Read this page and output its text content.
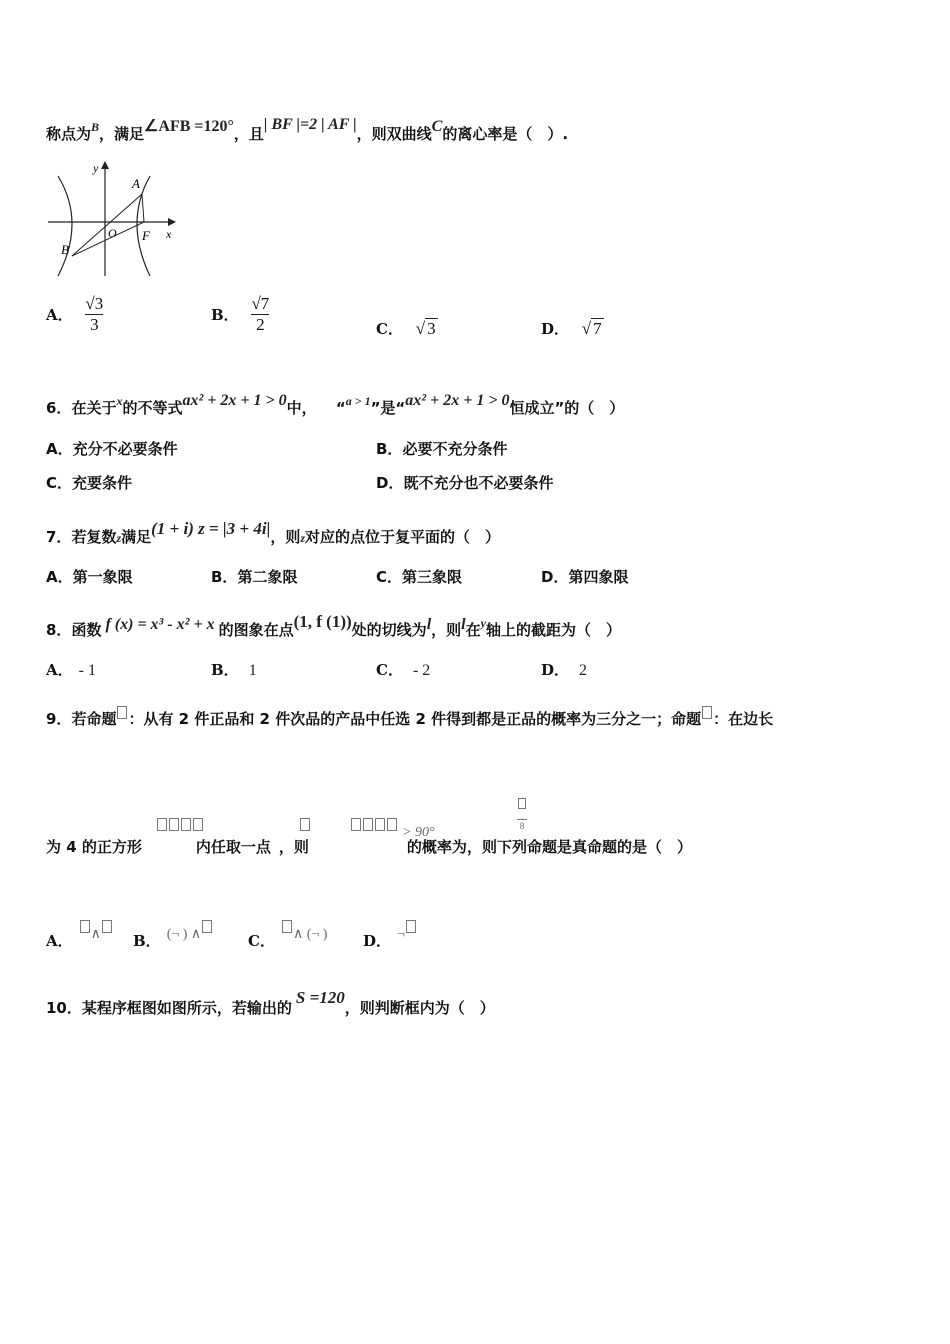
称点为$^B$，满足∠AFB =120°，且| BF |=2 | AF |，则双曲线C的离心率是（　）.
y
x
A
B
O F
A． $\frac{√3}{3}$	B． $\frac{√7}{2}$	C． √ 3	D． √ 7
6．在关于$^x$的不等式ax² + 2x + 1 > 0中， “$^{a > 1}$”是“ax² + 2x + 1 > 0恒成立”的（　）
A．充分不必要条件	B．必要不充分条件
C．充要条件	D．既不充分也不必要条件
7．若复数z满足(1 + i) z = |3 + 4i|，则z对应的点位于复平面的（　）
A．第一象限	B．第二象限	C．第三象限	D．第四象限
8．函数 f (x) = x³ - x² + x 的图象在点(1, f (1))处的切线为l，则l在$^y$轴上的截距为（　）
A． - 1	B． 1	C． - 2	D． 2
9．若命题 ：从有 2 件正品和 2 件次品的产品中任选 2 件得到都是正品的概率为三分之一；命题 ：在边长
> 90°	8
为 4 的正方形	内任取一点 ，则	的概率为，则下列命题是真命题的是（　）
A． ∧	B． (¬ ) ∧	C． ∧ (¬ ) D． ¬
10．某程序框图如图所示，若输出的S =120，则判断框内为（　）
